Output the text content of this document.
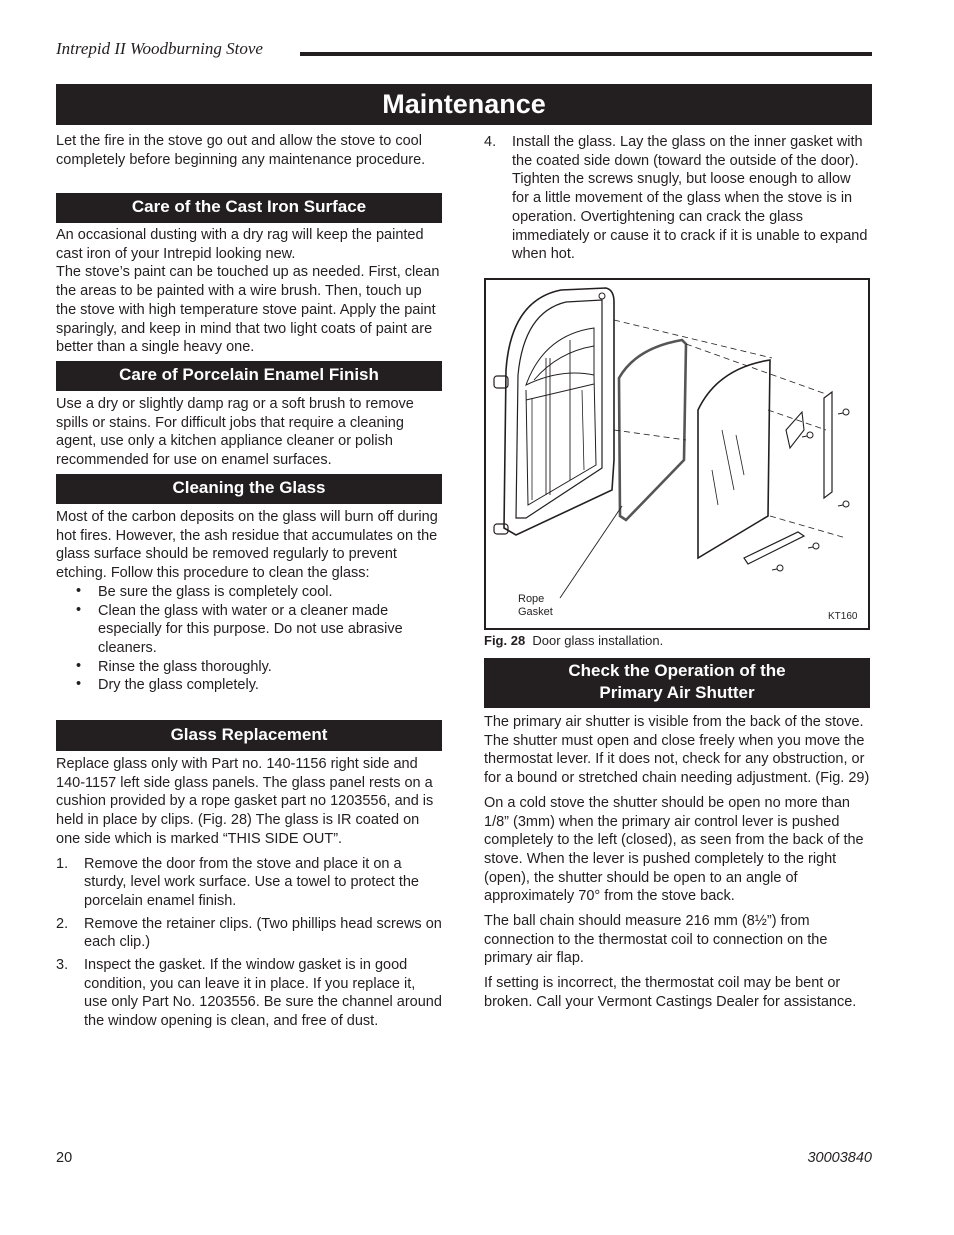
Intrepid II Woodburning Stove
Maintenance
Let the fire in the stove go out and allow the stove to cool completely before beginning any maintenance procedure.
Care of the Cast Iron Surface

An occasional dusting with a dry rag will keep the painted cast iron of your Intrepid looking new.

The stove’s paint can be touched up as needed. First, clean the areas to be painted with a wire brush. Then, touch up the stove with high temperature stove paint. Apply the paint sparingly, and keep in mind that two light coats of paint are better than a single heavy one.

Care of Porcelain Enamel Finish
Use a dry or slightly damp rag or a soft brush to remove spills or stains. For difficult jobs that require a cleaning agent, use only a kitchen appliance cleaner or polish recommended for use on enamel surfaces.
Cleaning the Glass

Most of the carbon deposits on the glass will burn off during hot fires. However, the ash residue that accumulates on the glass surface should be removed regularly to prevent etching. Follow this procedure to clean the glass:

• Be sure the glass is completely cool.
• Clean the glass with water or a cleaner made especially for this purpose. Do not use abrasive cleaners.
• Rinse the glass thoroughly.
• Dry the glass completely.
Glass Replacement

Replace glass only with Part no. 140-1156 right side and 140-1157 left side glass panels. The glass panel rests on a cushion provided by a rope gasket part no 1203556, and is held in place by clips. (Fig. 28) The glass is IR coated on one side which is marked “THIS SIDE OUT”.

1. Remove the door from the stove and place it on a sturdy, level work surface. Use a towel to protect the porcelain enamel finish.
2. Remove the retainer clips. (Two phillips head screws on each clip.)
3. Inspect the gasket. If the window gasket is in good condition, you can leave it in place. If you replace it, use only Part No. 1203556. Be sure the channel around the window opening is clean, and free of dust.
4. Install the glass. Lay the glass on the inner gasket with the coated side down (toward the outside of the door). Tighten the screws snugly, but loose enough to allow for a little movement of the glass when the stove is in operation. Overtightening can crack the glass immediately or cause it to crack if it is unable to expand when hot.
Rope
Gasket	KT160
Fig. 28 Door glass installation.
Check the Operation of the
Primary Air Shutter

The primary air shutter is visible from the back of the stove. The shutter must open and close freely when you move the thermostat lever. If it does not, check for any obstruction, or for a bound or stretched chain needing adjustment. (Fig. 29)

On a cold stove the shutter should be open no more than 1/8” (3mm) when the primary air control lever is pushed completely to the left (closed), as seen from the back of the stove. When the lever is pushed completely to the right (open), the shutter should be open to an angle of approximately 70° from the stove back.

The ball chain should measure 216 mm (8½”) from connection to the thermostat coil to connection on the primary air flap.

If setting is incorrect, the thermostat coil may be bent or broken. Call your Vermont Castings Dealer for assistance.

20	30003840
